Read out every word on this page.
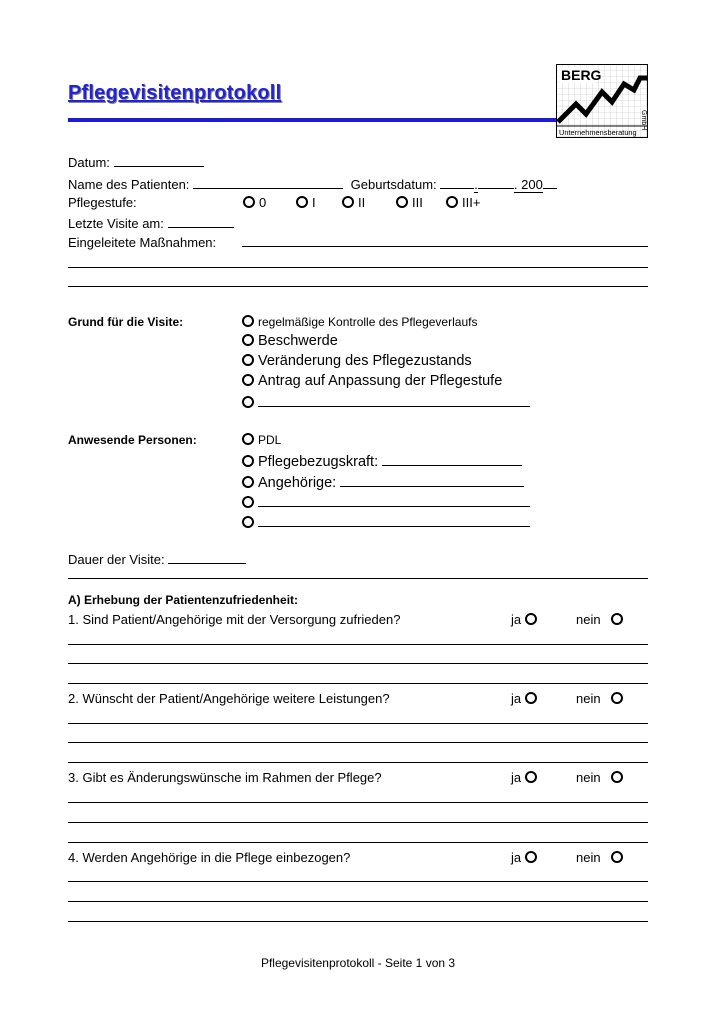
Pflegevisitenprotokoll
BERG
GmbH
Unternehmensberatung
Datum:
Name des Patienten:	Geburtsdatum:	.	. 200
Pflegestufe:	0	I	II	III	III+
Letzte Visite am:
Eingeleitete Maßnahmen:
Grund für die Visite:	regelmäßige Kontrolle des Pflegeverlaufs
Beschwerde
Veränderung des Pflegezustands
Antrag auf Anpassung der Pflegestufe
Anwesende Personen:	PDL
Pflegebezugskraft:
Angehörige:
Dauer der Visite:
A) Erhebung der Patientenzufriedenheit:
1. Sind Patient/Angehörige mit der Versorgung zufrieden?	ja	nein
2. Wünscht der Patient/Angehörige weitere Leistungen?	ja	nein
3. Gibt es Änderungswünsche im Rahmen der Pflege?	ja	nein
4. Werden Angehörige in die Pflege einbezogen?	ja	nein
Pflegevisitenprotokoll - Seite 1 von 3
